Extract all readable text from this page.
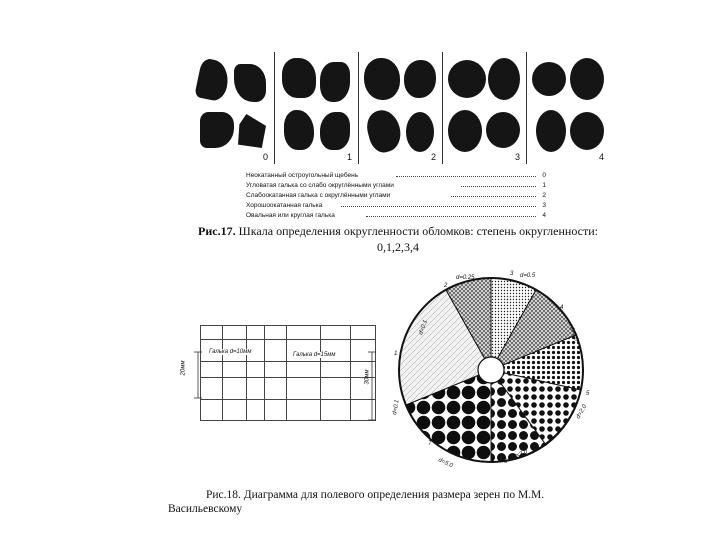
0	1	2	3	4
Неокатанный остроугольный щебень	0
Угловатая галька со слабо округлёнными углами	1
Слабоокатанная галька с округлёнными углами	2
Хорошоокатанная галька	3
Овальная или круглая галька	4
Рис.17. Шкала определения округленности обломков: степень округленности:
0,1,2,3,4
Галька d=10мм	Галька d=15мм
20мм
30мм
d=0.1
2
d=0.25
3 d=0.5
4
d=1.0
5
d=2.0
6
d=3.0
7
d=5.0
1
d=0.1
Рис.18. Диаграмма для полевого определения размера зерен по М.М.
Васильевскому
